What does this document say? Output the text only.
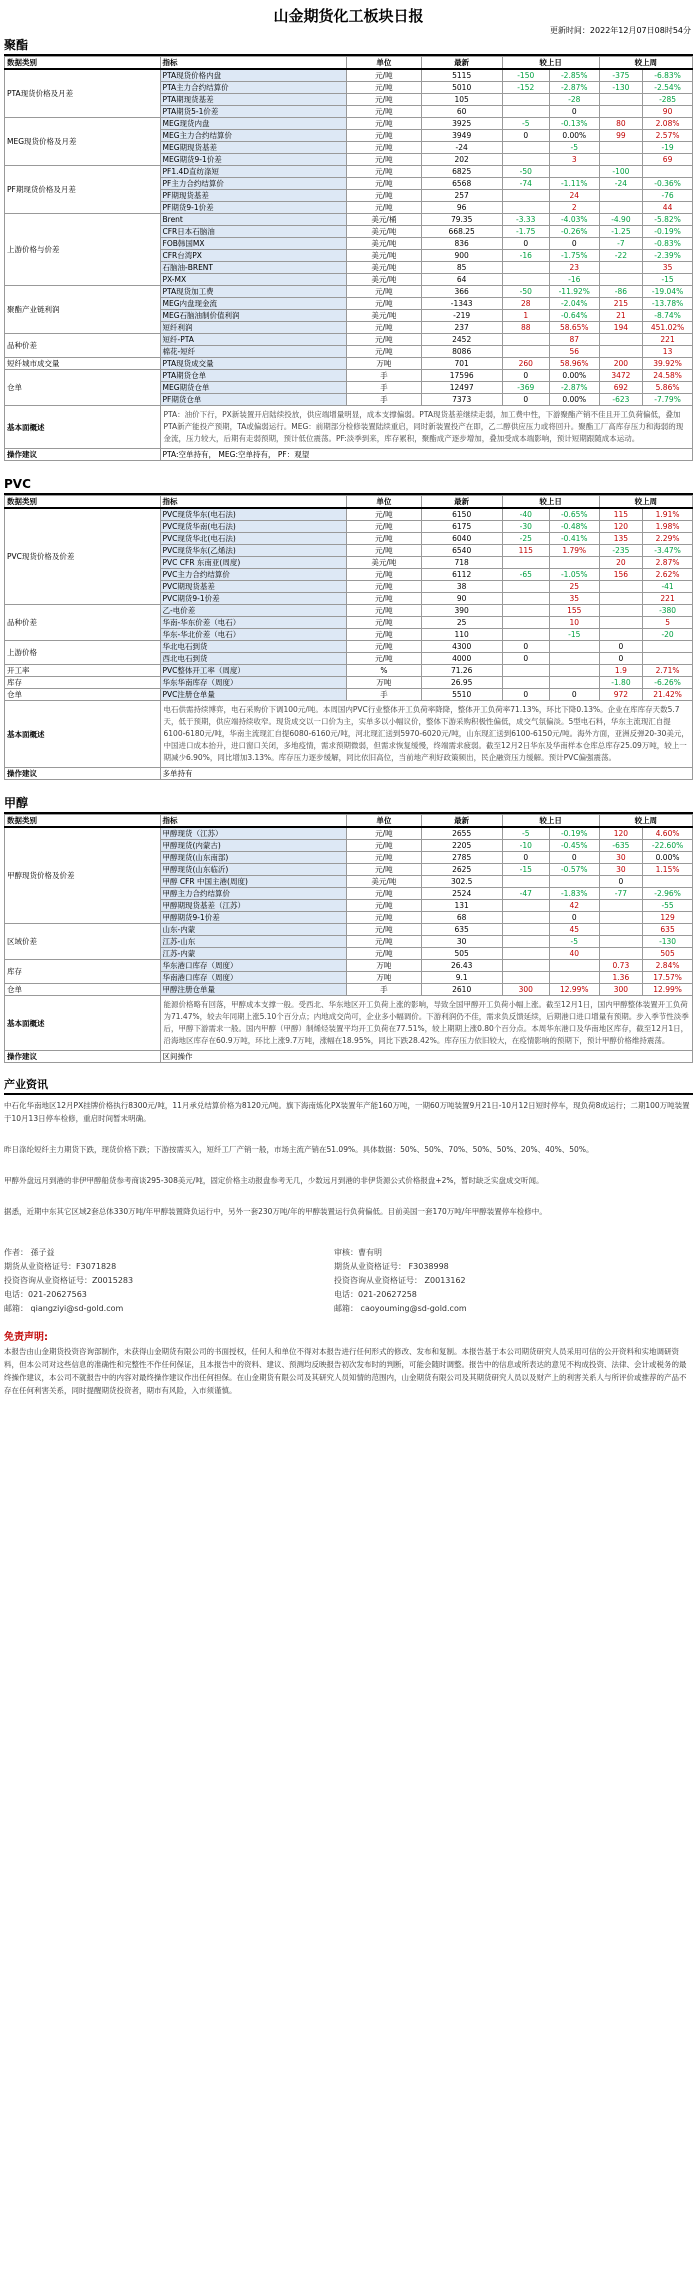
山金期货化工板块日报
更新时间：2022年12月07日08时54分
聚酯
数据类别	指标	单位	最新	较上日		较上周	
PTA现货价格及月差	PTA现货价格内盘	元/吨	5115	-150	-2.85%	-375	-6.83%
	PTA主力合约结算价	元/吨	5010	-152	-2.87%	-130	-2.54%
	PTA期现货基差	元/吨	105		-28		-285
	PTA期货5-1价差	元/吨	60		0		90
MEG现货价格及月差	MEG现货内盘	元/吨	3925	-5	-0.13%	80	2.08%
	MEG主力合约结算价	元/吨	3949	0	0.00%	99	2.57%
	MEG期现货基差	元/吨	-24		-5		-19
	MEG期货9-1价差	元/吨	202		3		69
PF期现货价格及月差	PF1.4D直纺涤短	元/吨	6825	-50		-100	
	PF主力合约结算价	元/吨	6568	-74	-1.11%	-24	-0.36%
	PF期现货基差	元/吨	257		24		-76
	PF期货9-1价差	元/吨	96		2		44
上游价格与价差	Brent	美元/桶	79.35	-3.33	-4.03%	-4.90	-5.82%
	CFR日本石脑油	美元/吨	668.25	-1.75	-0.26%	-1.25	-0.19%
	FOB韩国MX	美元/吨	836	0	0	-7	-0.83%
	CFR台湾PX	美元/吨	900	-16	-1.75%	-22	-2.39%
	石脑油-BRENT	美元/吨	85		23		35
	PX-MX	美元/吨	64		-16		-15
聚酯产业链利润	PTA现货加工费	元/吨	366	-50	-11.92%	-86	-19.04%
	MEG内盘现金流	元/吨	-1343	28	-2.04%	215	-13.78%
	MEG石脑油制价值利润	美元/吨	-219	1	-0.64%	21	-8.74%
	短纤利润	元/吨	237	88	58.65%	194	451.02%
品种价差	短纤-PTA	元/吨	2452		87		221
	棉花-短纤	元/吨	8086		56		13
短纤城市成交量	PTA现货成交量	万吨	701	260	58.96%	200	39.92%
仓单	PTA期货仓单	手	17596	0	0.00%	3472	24.58%
	MEG期货仓单	手	12497	-369	-2.87%	692	5.86%
	PF期货仓单	手	7373	0	0.00%	-623	-7.79%
基本面概述	PTA：油价下行，PX新装置开启陆续投放，供应端增量明显，成本支撑偏弱。PTA现货基差继续走弱，加工费中性，下游聚酯产销不佳且开工负荷偏低，叠加PTA新产能投产预期，TA或偏弱运行。MEG：前期部分检修装置陆续重启，同时新装置投产在即，乙二醇供应压力或将回升。聚酯工厂高库存压力和海弱的现金流，压力较大，后期有走弱预期，预计低位震荡。PF:淡季到来，库存累积，聚酯成产逐步增加，叠加受成本端影响，预计短期跟随成本运动。						
操作建议	PTA:空单持有， MEG:空单持有， PF：观望						
PVC
数据类别	指标	单位	最新	较上日		较上周	
PVC现货价格及价差	PVC现货华东(电石法)	元/吨	6150	-40	-0.65%	115	1.91%
	PVC现货华南(电石法)	元/吨	6175	-30	-0.48%	120	1.98%
	PVC现货华北(电石法)	元/吨	6040	-25	-0.41%	135	2.29%
	PVC现货华东(乙烯法)	元/吨	6540	115	1.79%	-235	-3.47%
	PVC CFR 东南亚(周度)	美元/吨	718			20	2.87%
	PVC主力合约结算价	元/吨	6112	-65	-1.05%	156	2.62%
	PVC期现货基差	元/吨	38		25		-41
	PVC期货9-1价差	元/吨	90		35		221
品种价差	乙-电价差	元/吨	390		155		-380
	华南-华东价差（电石）	元/吨	25		10		5
	华东-华北价差（电石）	元/吨	110		-15		-20
上游价格	华北电石到货	元/吨	4300	0		0	
	西北电石到货	元/吨	4000	0		0	
开工率	PVC整体开工率（周度）	%	71.26			1.9	2.71%
库存	华东华南库存（周度）	万吨	26.95			-1.80	-6.26%
仓单	PVC注册仓单量	手	5510	0	0	972	21.42%
基本面概述	电石供需持续博弈，电石采购价下调100元/吨。本周国内PVC行业整体开工负荷率降降，整体开工负荷率71.13%，环比下降0.13%。企业在库库存天数5.7天，低于预期，供应端持续收窄。现货成交以一口价为主，实单多以小幅议价，整体下游采购积极性偏低，成交气氛偏淡。5型电石料，华东主流现汇自提6100-6180元/吨，华南主流现汇自提6080-6160元/吨，河北现汇送到5970-6020元/吨，山东现汇送到6100-6150元/吨。海外方面，亚洲反弹20-30美元，中国进口成本抬升，进口窗口关闭，多地疫情，需求预期微弱，但需求恢复缓慢，终端需求疲弱。截至12月2日华东及华南样本仓库总库存25.09万吨，较上一期减少6.90%，同比增加3.13%。库存压力逐步缓解，同比依旧高位，当前地产利好政策频出，民企融资压力缓解。预计PVC偏强震荡。						
操作建议	多单持有						
甲醇
数据类别	指标	单位	最新	较上日		较上周	
甲醇现货价格及价差	甲醇现货（江苏）	元/吨	2655	-5	-0.19%	120	4.60%
	甲醇现货(内蒙古)	元/吨	2205	-10	-0.45%	-635	-22.60%
	甲醇现货(山东南部)	元/吨	2785	0	0	30	0.00%
	甲醇现货(山东临沂)	元/吨	2625	-15	-0.57%	30	1.15%
	甲醇 CFR 中国主港(周度)	美元/吨	302.5			0	
	甲醇主力合约结算价	元/吨	2524	-47	-1.83%	-77	-2.96%
	甲醇期现货基差（江苏）	元/吨	131		42		-55
	甲醇期货9-1价差	元/吨	68		0		129
区域价差	山东-内蒙	元/吨	635		45		635
	江苏-山东	元/吨	30		-5		-130
	江苏-内蒙	元/吨	505		40		505
库存	华东港口库存（周度）	万吨	26.43			0.73	2.84%
	华南港口库存（周度）	万吨	9.1			1.36	17.57%
仓单	甲醇注册仓单量	手	2610	300	12.99%	300	12.99%
基本面概述	能源价格略有回落，甲醇成本支撑一般。受西北、华东地区开工负荷上涨的影响，导致全国甲醇开工负荷小幅上涨。截至12月1日，国内甲醇整体装置开工负荷为71.47%，较去年同期上涨5.10个百分点；内地成交尚可，企业多小幅调价。下游利润仍不佳，需求负反馈延续，后期港口进口增量有预期。步入季节性淡季后，甲醇下游需求一般。国内甲醇（甲醇）制烯烃装置平均开工负荷在77.51%，较上期期上涨0.80个百分点。本周华东港口及华南地区库存，截至12月1日，沿海地区库存在60.9万吨，环比上涨9.7万吨，涨幅在18.95%，同比下跌28.42%。库存压力依旧较大，在疫情影响的预期下，预计甲醇价格维持震荡。						
操作建议	区间操作						
产业资讯

中石化华南地区12月PX挂牌价格执行8300元/吨，11月承兑结算价格为8120元/吨。旗下海南炼化PX装置年产能160万吨，一期60万吨装置9月21日-10月12日短时停车，现负荷8成运行；二期100万吨装置于10月13日停车检修，重启时间暂未明确。

昨日涤纶短纤主力期货下跌，现货价格下跌；下游按需买入，短纤工厂产销一般，市场主流产销在51.09%。具体数据：50%、50%、70%、50%、50%、20%、40%、50%。

甲醇外盘远月到港的非伊甲醇船货参考商谈295-308美元/吨，固定价格主动报盘参考无几，少数远月到港的非伊货源公式价格报盘+2%，暂时缺乏实盘成交听闻。

据悉，近期中东其它区域2套总体330万吨/年甲醇装置降负运行中，另外一套230万吨/年的甲醇装置运行负荷偏低。目前美国一套170万吨/年甲醇装置停车检修中。

作者： 孫子益
期货从业资格证号：F3071828
投资咨询从业资格证号：Z0015283
电话：021-20627563
邮箱： qiangziyi@sd-gold.com
审核：曹有明
期货从业资格证号： F3038998
投资咨询从业资格证号： Z0013162
电话：021-20627258
邮箱： caoyouming@sd-gold.com
免责声明:
本报告由山金期货投资咨询部制作，未获得山金期货有限公司的书面授权，任何人和单位不得对本报告进行任何形式的修改、发布和复制。本报告基于本公司期货研究人员采用可信的公开资料和实地调研资料，但本公司对这些信息的准确性和完整性不作任何保证，且本报告中的资料、建议、预测均反映报告初次发布时的判断，可能会随时调整。报告中的信息或所表达的意见不构成投资、法律、会计或税务的最终操作建议，本公司不就报告中的内容对最终操作建议作出任何担保。在山金期货有限公司及其研究人员知情的范围内，山金期货有限公司及其期货研究人员以及财产上的利害关系人与所评价或推荐的产品不存在任何利害关系，同时提醒期货投资者，期市有风险，入市须谨慎。
